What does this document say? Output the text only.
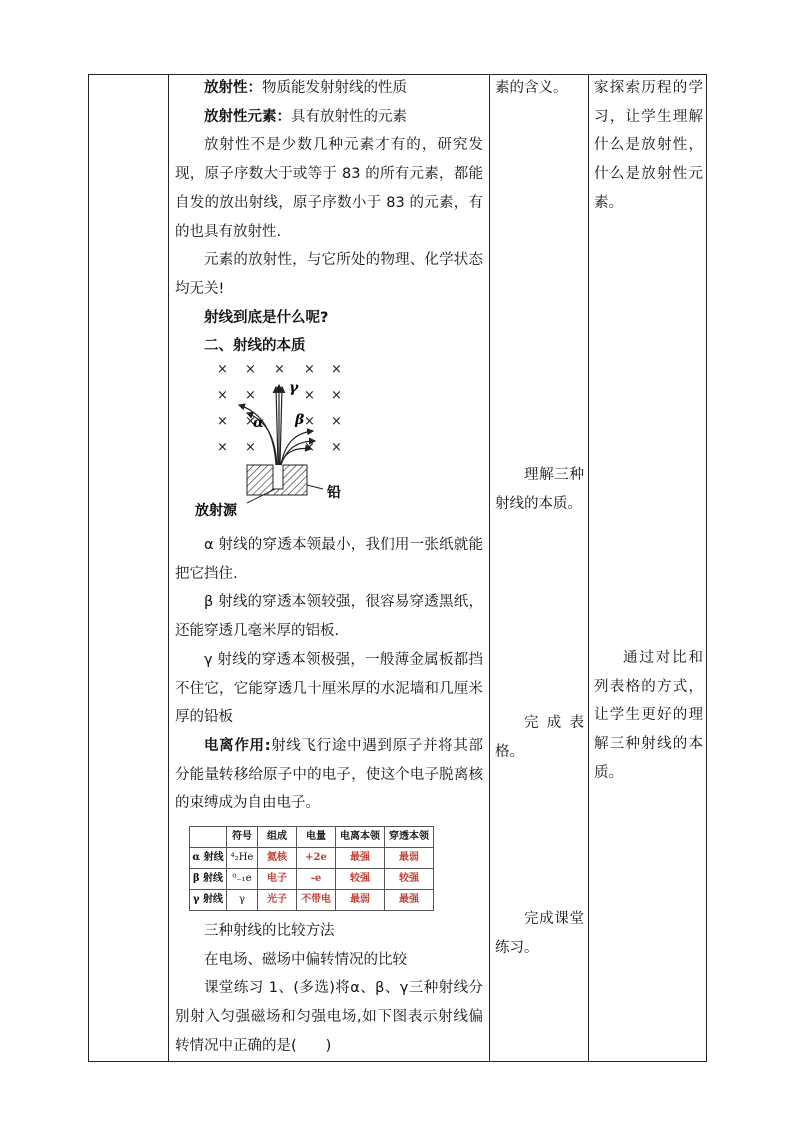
放射性：物质能发射射线的性质

放射性元素：具有放射性的元素

放射性不是少数几种元素才有的，研究发现，原子序数大于或等于 83 的所有元素，都能自发的放出射线，原子序数小于 83 的元素，有的也具有放射性.

元素的放射性，与它所处的物理、化学状态均无关!

射线到底是什么呢?

二、射线的本质

× × × × ×
× ×	× ×
× ×	× ×
× ×	× ×
α
γ
β
放射源
铅

α 射线的穿透本领最小，我们用一张纸就能把它挡住.

β 射线的穿透本领较强，很容易穿透黑纸，还能穿透几毫米厚的铝板.

γ 射线的穿透本领极强，一般薄金属板都挡不住它，它能穿透几十厘米厚的水泥墙和几厘米厚的铅板

电离作用:射线飞行途中遇到原子并将其部分能量转移给原子中的电子，使这个电子脱离核的束缚成为自由电子。

	符号	组成	电量	电离本领	穿透本领
α 射线	⁴₂He	氦核	+2e	最强	最弱
β 射线	⁰₋₁e	电子	-e	较强	较强
γ 射线	γ	光子	不带电	最弱	最强

三种射线的比较方法

在电场、磁场中偏转情况的比较

课堂练习 1、(多选)将α、β、γ三种射线分别射入匀强磁场和匀强电场,如下图表示射线偏转情况中正确的是(　　)

素的含义。

理解三种射线的本质。

完成表格。

完成课堂练习。

家探索历程的学习，让学生理解什么是放射性，什么是放射性元素。

通过对比和列表格的方式，让学生更好的理解三种射线的本质。
